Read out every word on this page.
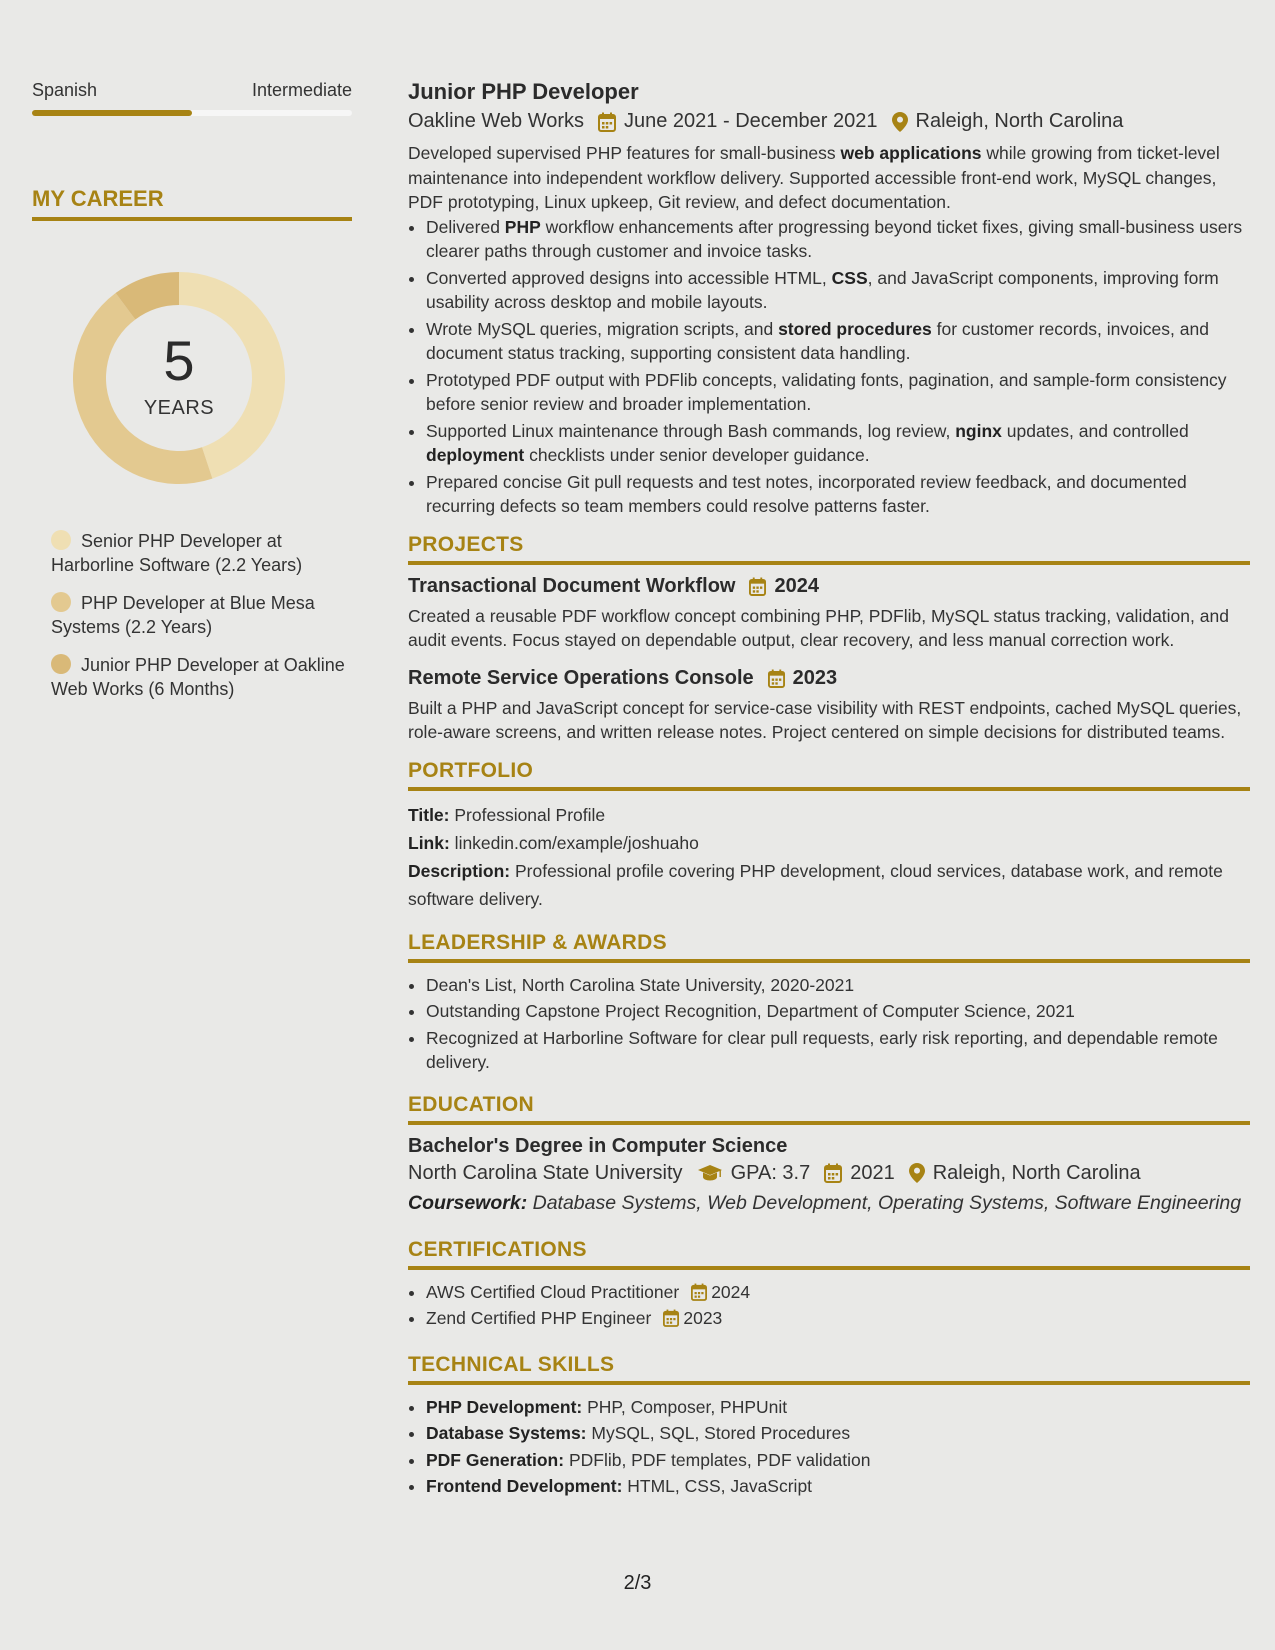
Spanish	Intermediate
MY CAREER
5
YEARS
Senior PHP Developer at Harborline Software (2.2 Years)
PHP Developer at Blue Mesa Systems (2.2 Years)
Junior PHP Developer at Oakline Web Works (6 Months)
Junior PHP Developer
Oakline Web Works June 2021 - December 2021 Raleigh, North Carolina
Developed supervised PHP features for small-business web applications while growing from ticket-level maintenance into independent workflow delivery. Supported accessible front-end work, MySQL changes, PDF prototyping, Linux upkeep, Git review, and defect documentation.
• Delivered PHP workflow enhancements after progressing beyond ticket fixes, giving small-business users clearer paths through customer and invoice tasks.
• Converted approved designs into accessible HTML, CSS, and JavaScript components, improving form usability across desktop and mobile layouts.
• Wrote MySQL queries, migration scripts, and stored procedures for customer records, invoices, and document status tracking, supporting consistent data handling.
• Prototyped PDF output with PDFlib concepts, validating fonts, pagination, and sample-form consistency before senior review and broader implementation.
• Supported Linux maintenance through Bash commands, log review, nginx updates, and controlled deployment checklists under senior developer guidance.
• Prepared concise Git pull requests and test notes, incorporated review feedback, and documented recurring defects so team members could resolve patterns faster.
PROJECTS
Transactional Document Workflow 2024
Created a reusable PDF workflow concept combining PHP, PDFlib, MySQL status tracking, validation, and audit events. Focus stayed on dependable output, clear recovery, and less manual correction work.
Remote Service Operations Console 2023
Built a PHP and JavaScript concept for service-case visibility with REST endpoints, cached MySQL queries, role-aware screens, and written release notes. Project centered on simple decisions for distributed teams.
PORTFOLIO
Title: Professional Profile
Link: linkedin.com/example/joshuaho
Description: Professional profile covering PHP development, cloud services, database work, and remote software delivery.
LEADERSHIP & AWARDS
• Dean's List, North Carolina State University, 2020-2021
• Outstanding Capstone Project Recognition, Department of Computer Science, 2021
• Recognized at Harborline Software for clear pull requests, early risk reporting, and dependable remote delivery.
EDUCATION
Bachelor's Degree in Computer Science
North Carolina State University GPA: 3.7 2021 Raleigh, North Carolina
Coursework: Database Systems, Web Development, Operating Systems, Software Engineering
CERTIFICATIONS
• AWS Certified Cloud Practitioner 2024
• Zend Certified PHP Engineer 2023
TECHNICAL SKILLS
• PHP Development: PHP, Composer, PHPUnit
• Database Systems: MySQL, SQL, Stored Procedures
• PDF Generation: PDFlib, PDF templates, PDF validation
• Frontend Development: HTML, CSS, JavaScript
2/3
